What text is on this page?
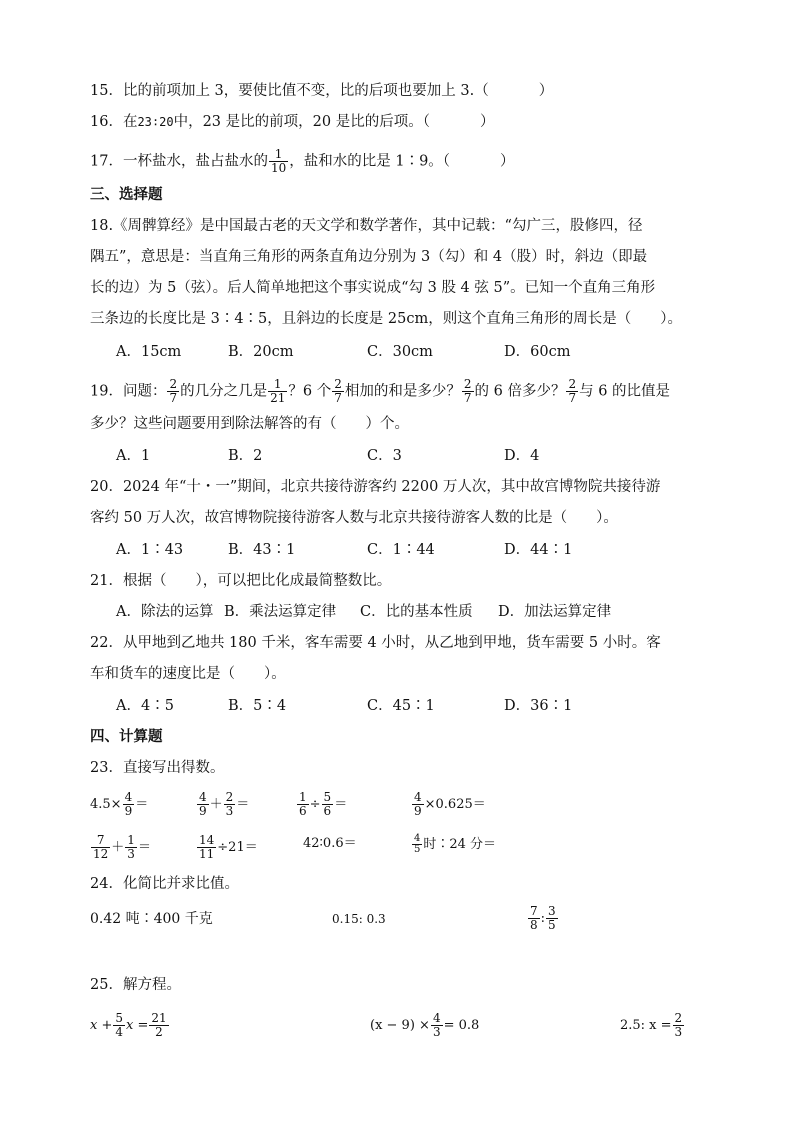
15．比的前项加上 3，要使比值不变，比的后项也要加上 3.（	）
16．在23∶20中，23 是比的前项，20 是比的后项。（	）
17．一杯盐水，盐占盐水的 $\frac{1}{10}$ ，盐和水的比是 1∶9。（	）
三、选择题
18.《周髀算经》是中国最古老的天文学和数学著作，其中记载：“勾广三，股修四，径
隅五”，意思是：当直角三角形的两条直角边分别为 3（勾）和 4（股）时，斜边（即最
长的边）为 5（弦）。后人简单地把这个事实说成“勾 3 股 4 弦 5”。已知一个直角三角形
三条边的长度比是 3∶4∶5，且斜边的长度是 25cm，则这个直角三角形的周长是（　　）。
A．15cm	B．20cm	C．30cm	D．60cm
19．问题： $\frac{2}{7}$ 的几分之几是 $\frac{1}{21}$ ？6 个 $\frac{2}{7}$ 相加的和是多少？ $\frac{2}{7}$ 的 6 倍多少？ $\frac{2}{7}$ 与 6 的比值是
多少？这些问题要用到除法解答的有（　　）个。
A．1	B．2	C．3	D．4
20．2024 年“十・一”期间，北京共接待游客约 2200 万人次，其中故宫博物院共接待游
客约 50 万人次，故宫博物院接待游客人数与北京共接待游客人数的比是（　　）。
A．1∶43	B．43∶1	C．1∶44	D．44∶1
21．根据（　　），可以把比化成最简整数比。
A．除法的运算 B．乘法运算定律 C．比的基本性质 D．加法运算定律
22．从甲地到乙地共 180 千米，客车需要 4 小时，从乙地到甲地，货车需要 5 小时。客
车和货车的速度比是（　　）。
A．4∶5	B．5∶4	C．45∶1	D．36∶1
四、计算题
23．直接写出得数。
$4.5\times \frac{4}{9}$ ＝	$\frac{4}{9} + \frac{2}{3}$ ＝	$\frac{1}{6} \div \frac{5}{6}$ ＝	$\frac{4}{9} \times 0.625=$
$\frac{7}{12} + \frac{1}{3}$ ＝	$\frac{14}{11} \div 21=$	42∶0.6＝	$\frac{4}{5}$ 时∶24 分＝
24．化简比并求比值。
0.42 吨∶400 千克	0.15: 0.3	$\frac{7}{8}$ : $\frac{3}{5}$
25．解方程。
$x + \frac{5}{4}$ $x = \frac{21}{2}$	$(x - 9) \times \frac{4}{3} = 0.8$	2.5: $x = \frac{2}{3}$
